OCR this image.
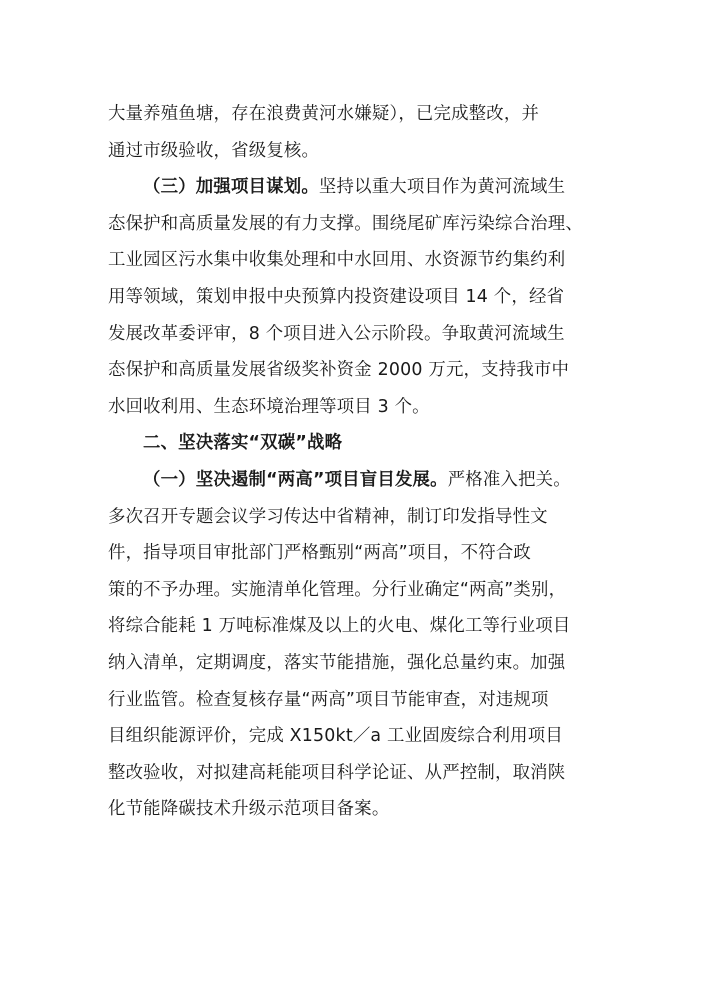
大量养殖鱼塘，存在浪费黄河水嫌疑），已完成整改，并
通过市级验收，省级复核。
（三）加强项目谋划。坚持以重大项目作为黄河流域生
态保护和高质量发展的有力支撑。围绕尾矿库污染综合治理、
工业园区污水集中收集处理和中水回用、水资源节约集约利
用等领域，策划申报中央预算内投资建设项目 14 个，经省
发展改革委评审，8 个项目进入公示阶段。争取黄河流域生
态保护和高质量发展省级奖补资金 2000 万元，支持我市中
水回收利用、生态环境治理等项目 3 个。
二、坚决落实“双碳”战略
（一）坚决遏制“两高”项目盲目发展。严格准入把关。
多次召开专题会议学习传达中省精神，制订印发指导性文
件，指导项目审批部门严格甄别“两高”项目，不符合政
策的不予办理。实施清单化管理。分行业确定“两高”类别，
将综合能耗 1 万吨标准煤及以上的火电、煤化工等行业项目
纳入清单，定期调度，落实节能措施，强化总量约束。加强
行业监管。检查复核存量“两高”项目节能审查，对违规项
目组织能源评价，完成 X150kt／a 工业固废综合利用项目
整改验收，对拟建高耗能项目科学论证、从严控制，取消陕
化节能降碳技术升级示范项目备案。
